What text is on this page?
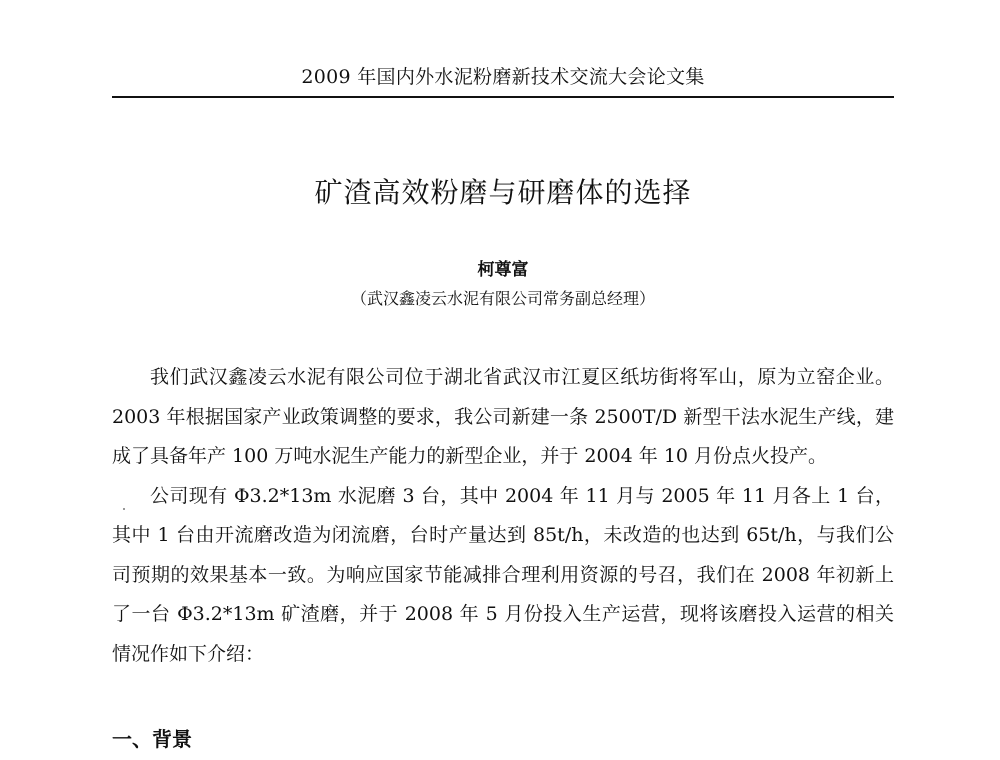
2009 年国内外水泥粉磨新技术交流大会论文集
矿渣高效粉磨与研磨体的选择
柯尊富
（武汉鑫凌云水泥有限公司常务副总经理）

我们武汉鑫凌云水泥有限公司位于湖北省武汉市江夏区纸坊街将军山，原为立窑企业。2003 年根据国家产业政策调整的要求，我公司新建一条 2500T/D 新型干法水泥生产线，建成了具备年产 100 万吨水泥生产能力的新型企业，并于 2004 年 10 月份点火投产。

公司现有 Φ3.2*13m 水泥磨 3 台，其中 2004 年 11 月与 2005 年 11 月各上 1 台，其中 1 台由开流磨改造为闭流磨，台时产量达到 85t/h，未改造的也达到 65t/h，与我们公司预期的效果基本一致。为响应国家节能减排合理利用资源的号召，我们在 2008 年初新上了一台 Φ3.2*13m 矿渣磨，并于 2008 年 5 月份投入生产运营，现将该磨投入运营的相关情况作如下介绍：

一、背景
